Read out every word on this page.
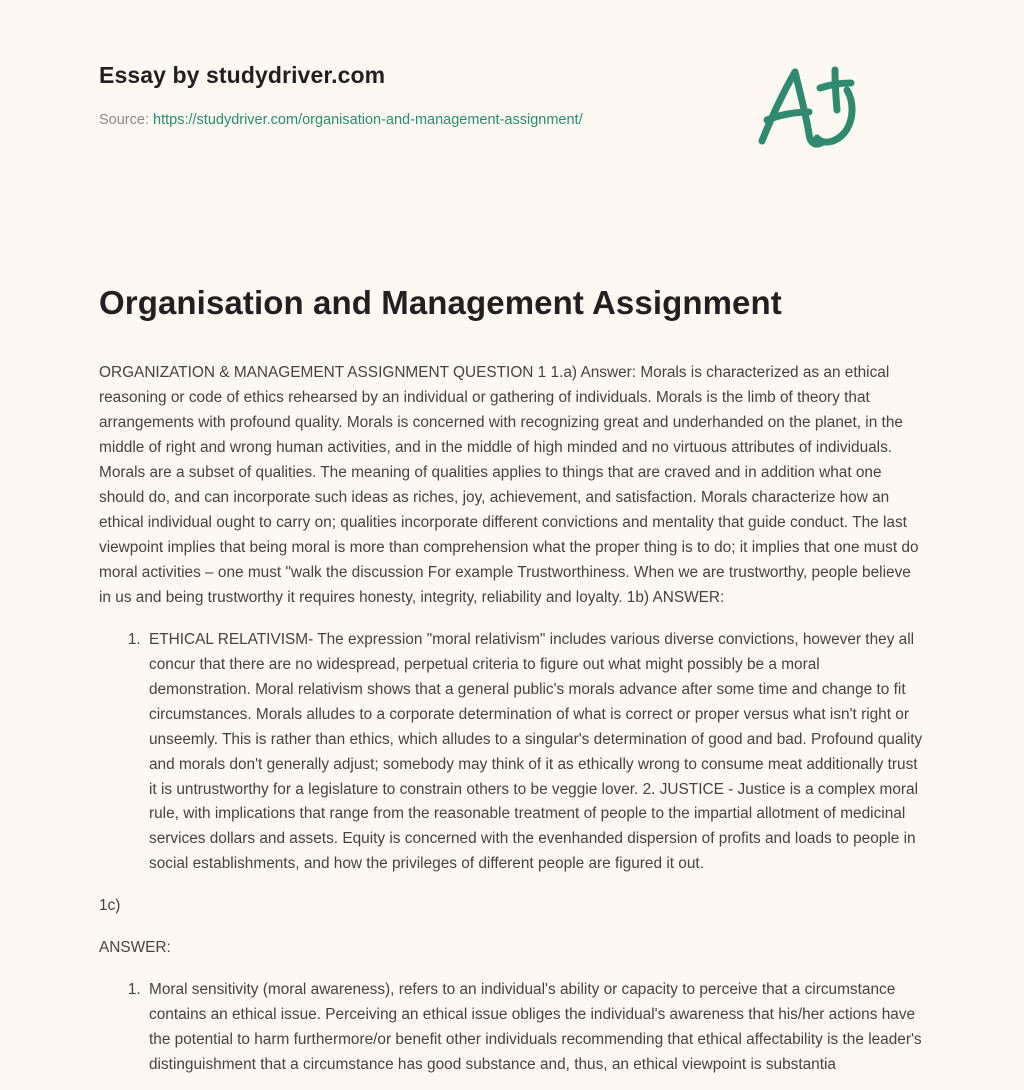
Essay by studydriver.com
Source: https://studydriver.com/organisation-and-management-assignment/
Organisation and Management Assignment

ORGANIZATION & MANAGEMENT ASSIGNMENT QUESTION 1 1.a) Answer: Morals is characterized as an ethical reasoning or code of ethics rehearsed by an individual or gathering of individuals. Morals is the limb of theory that arrangements with profound quality. Morals is concerned with recognizing great and underhanded on the planet, in the middle of right and wrong human activities, and in the middle of high minded and no virtuous attributes of individuals. Morals are a subset of qualities. The meaning of qualities applies to things that are craved and in addition what one should do, and can incorporate such ideas as riches, joy, achievement, and satisfaction. Morals characterize how an ethical individual ought to carry on; qualities incorporate different convictions and mentality that guide conduct. The last viewpoint implies that being moral is more than comprehension what the proper thing is to do; it implies that one must do moral activities – one must "walk the discussion For example Trustworthiness. When we are trustworthy, people believe in us and being trustworthy it requires honesty, integrity, reliability and loyalty. 1b) ANSWER:

1. ETHICAL RELATIVISM- The expression "moral relativism" includes various diverse convictions, however they all concur that there are no widespread, perpetual criteria to figure out what might possibly be a moral demonstration. Moral relativism shows that a general public's morals advance after some time and change to fit circumstances. Morals alludes to a corporate determination of what is correct or proper versus what isn't right or unseemly. This is rather than ethics, which alludes to a singular's determination of good and bad. Profound quality and morals don't generally adjust; somebody may think of it as ethically wrong to consume meat additionally trust it is untrustworthy for a legislature to constrain others to be veggie lover. 2. JUSTICE - Justice is a complex moral rule, with implications that range from the reasonable treatment of people to the impartial allotment of medicinal services dollars and assets. Equity is concerned with the evenhanded dispersion of profits and loads to people in social establishments, and how the privileges of different people are figured it out.

1c)

ANSWER:

1. Moral sensitivity (moral awareness), refers to an individual's ability or capacity to perceive that a circumstance contains an ethical issue. Perceiving an ethical issue obliges the individual's awareness that his/her actions have the potential to harm furthermore/or benefit other individuals recommending that ethical affectability is the leader's distinguishment that a circumstance has good substance and, thus, an ethical viewpoint is substantia
